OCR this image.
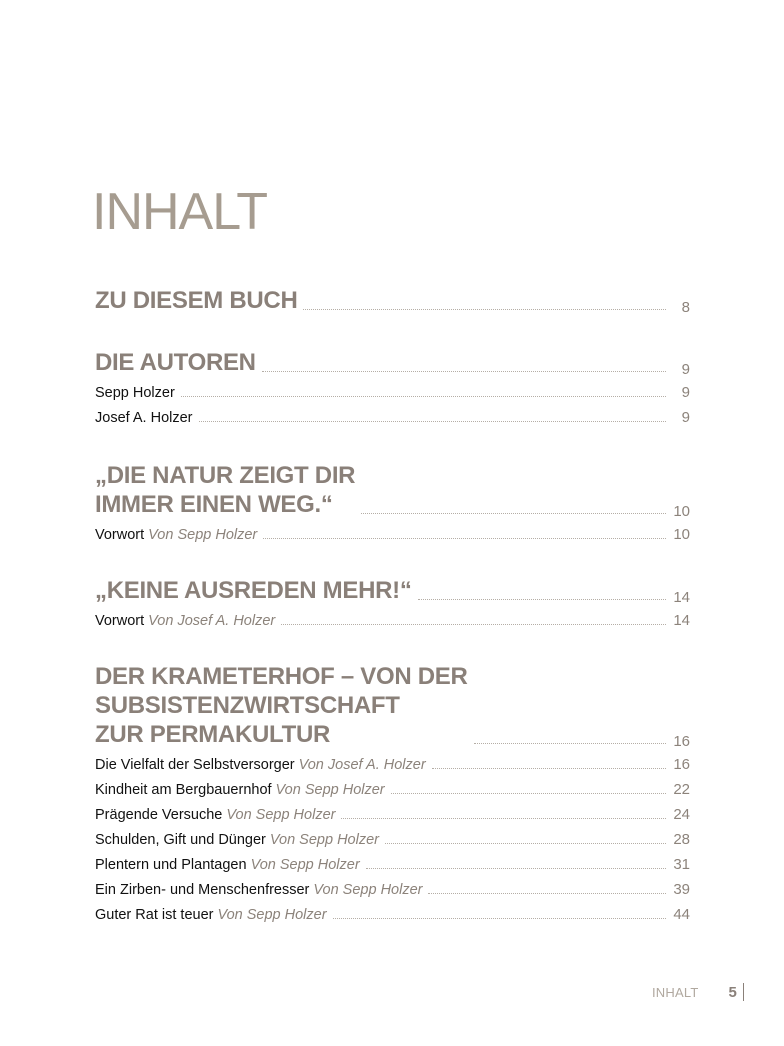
INHALT
ZU DIESEM BUCH	8
DIE AUTOREN	9
Sepp Holzer	9
Josef A. Holzer	9
„DIE NATUR ZEIGT DIR
IMMER EINEN WEG.“	10
Vorwort Von Sepp Holzer	10
„KEINE AUSREDEN MEHR!“	14
Vorwort Von Josef A. Holzer	14
DER KRAMETERHOF – VON DER
SUBSISTENZWIRTSCHAFT
ZUR PERMAKULTUR	16
Die Vielfalt der Selbstversorger Von Josef A. Holzer	16
Kindheit am Bergbauernhof Von Sepp Holzer	22
Prägende Versuche Von Sepp Holzer	24
Schulden, Gift und Dünger Von Sepp Holzer	28
Plentern und Plantagen Von Sepp Holzer	31
Ein Zirben- und Menschenfresser Von Sepp Holzer	39
Guter Rat ist teuer Von Sepp Holzer	44
INHALT 5
